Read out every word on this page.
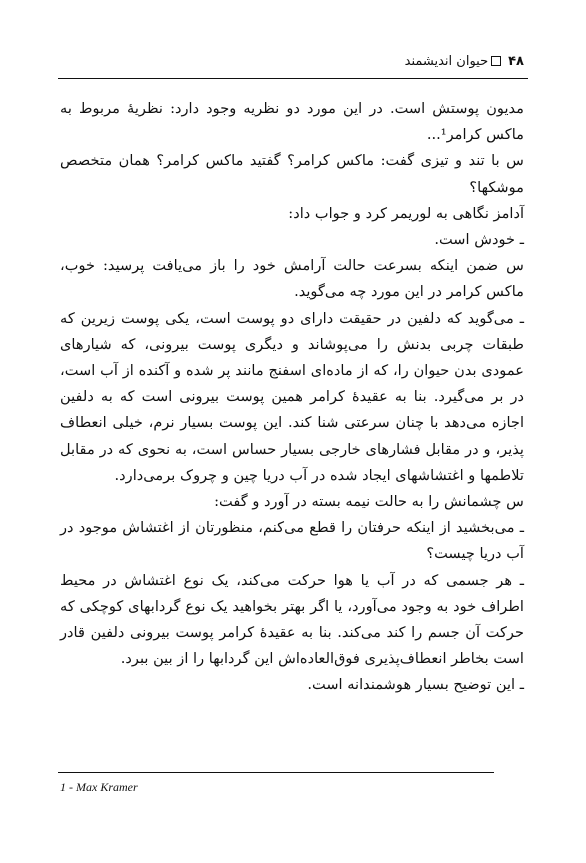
۴۸
حیوان اندیشمند

مدیون پوستش است. در این مورد دو نظریه وجود دارد: نظریهٔ مربوط به ماکس کرامر¹...

س با تند و تیزی گفت: ماکس کرامر؟ گفتید ماکس کرامر؟ همان متخصص موشکها؟

آدامز نگاهی به لوریمر کرد و جواب داد:

ـ خودش است.

س ضمن اینکه بسرعت حالت آرامش خود را باز می‌یافت پرسید: خوب، ماکس کرامر در این مورد چه می‌گوید.

ـ می‌گوید که دلفین در حقیقت دارای دو پوست است، یکی پوست زیرین که طبقات چربی بدنش را می‌پوشاند و دیگری پوست بیرونی، که شیارهای عمودی بدن حیوان را، که از ماده‌ای اسفنج مانند پر شده و آکنده از آب است، در بر می‌گیرد. بنا به عقیدهٔ کرامر همین پوست بیرونی است که به دلفین اجازه می‌دهد با چنان سرعتی شنا کند. این پوست بسیار نرم، خیلی انعطاف پذیر، و در مقابل فشارهای خارجی بسیار حساس است، به نحوی که در مقابل تلاطمها و اغتشاشهای ایجاد شده در آب دریا چین و چروک برمی‌دارد.

س چشمانش را به حالت نیمه بسته در آورد و گفت:

ـ می‌بخشید از اینکه حرفتان را قطع می‌کنم، منظورتان از اغتشاش موجود در آب دریا چیست؟

ـ هر جسمی که در آب یا هوا حرکت می‌کند، یک نوع اغتشاش در محیط اطراف خود به وجود می‌آورد، یا اگر بهتر بخواهید یک نوع گردابهای کوچکی که حرکت آن جسم را کند می‌کند. بنا به عقیدهٔ کرامر پوست بیرونی دلفین قادر است بخاطر انعطاف‌پذیری فوق‌العاده‌اش این گردابها را از بین ببرد.

ـ این توضیح بسیار هوشمندانه است.

1 - Max Kramer
